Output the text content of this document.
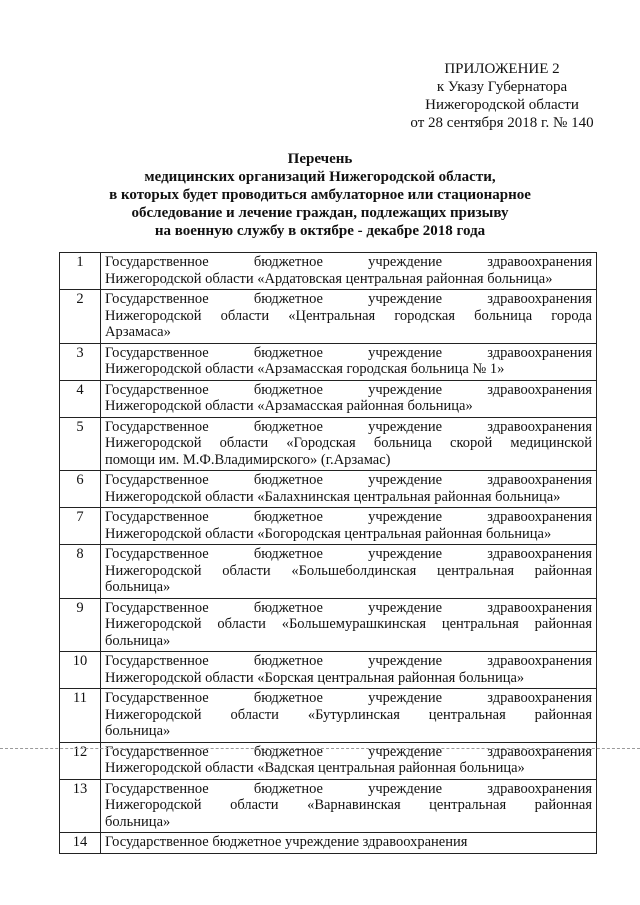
ПРИЛОЖЕНИЕ 2
к Указу Губернатора
Нижегородской области
от 28 сентября 2018 г. № 140
Перечень
медицинских организаций Нижегородской области,
в которых будет проводиться амбулаторное или стационарное
обследование и лечение граждан, подлежащих призыву
на военную службу в октябре - декабре 2018 года
1	Государственное бюджетное учреждение здравоохранения
Нижегородской области «Ардатовская центральная районная больница»

2	Государственное бюджетное учреждение здравоохранения
Нижегородской области «Центральная городская больница города
Арзамаса»

3	Государственное бюджетное учреждение здравоохранения
Нижегородской области «Арзамасская городская больница № 1»

4	Государственное бюджетное учреждение здравоохранения
Нижегородской области «Арзамасская районная больница»

5	Государственное бюджетное учреждение здравоохранения
Нижегородской области «Городская больница скорой медицинской
помощи им. М.Ф.Владимирского» (г.Арзамас)

6	Государственное бюджетное учреждение здравоохранения
Нижегородской области «Балахнинская центральная районная больница»

7	Государственное бюджетное учреждение здравоохранения
Нижегородской области «Богородская центральная районная больница»

8	Государственное бюджетное учреждение здравоохранения
Нижегородской области «Большеболдинская центральная районная
больница»

9	Государственное бюджетное учреждение здравоохранения
Нижегородской области «Большемурашкинская центральная районная
больница»

10	Государственное бюджетное учреждение здравоохранения
Нижегородской области «Борская центральная районная больница»

11	Государственное бюджетное учреждение здравоохранения
Нижегородской области «Бутурлинская центральная районная
больница»

12	Государственное бюджетное учреждение здравоохранения
Нижегородской области «Вадская центральная районная больница»

13	Государственное бюджетное учреждение здравоохранения
Нижегородской области «Варнавинская центральная районная
больница»

14	Государственное бюджетное учреждение здравоохранения
